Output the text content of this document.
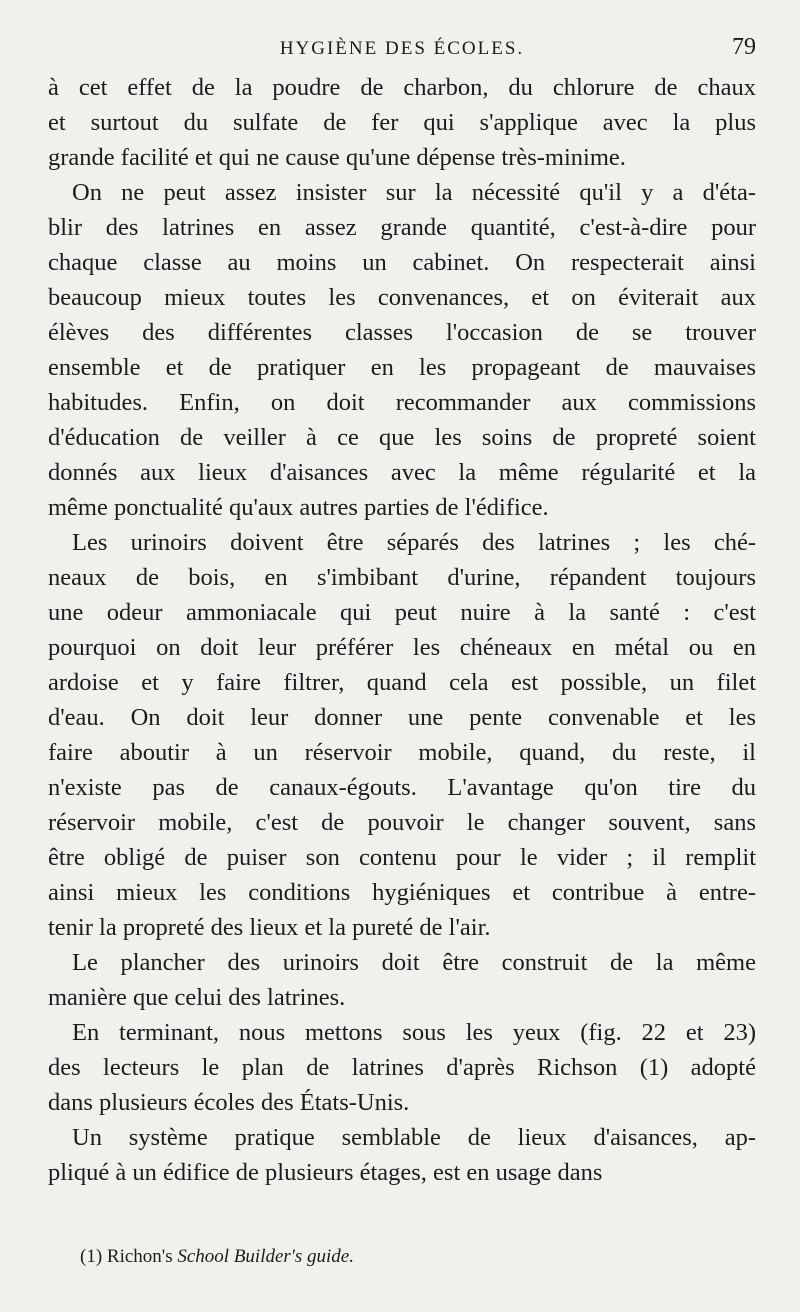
HYGIÈNE DES ÉCOLES.	79
à cet effet de la poudre de charbon, du chlorure de chaux
et surtout du sulfate de fer qui s'applique avec la plus
grande facilité et qui ne cause qu'une dépense très-minime.
On ne peut assez insister sur la nécessité qu'il y a d'éta-
blir des latrines en assez grande quantité, c'est-à-dire pour
chaque classe au moins un cabinet. On respecterait ainsi
beaucoup mieux toutes les convenances, et on éviterait aux
élèves des différentes classes l'occasion de se trouver
ensemble et de pratiquer en les propageant de mauvaises
habitudes. Enfin, on doit recommander aux commissions
d'éducation de veiller à ce que les soins de propreté soient
donnés aux lieux d'aisances avec la même régularité et la
même ponctualité qu'aux autres parties de l'édifice.
Les urinoirs doivent être séparés des latrines ; les ché-
neaux de bois, en s'imbibant d'urine, répandent toujours
une odeur ammoniacale qui peut nuire à la santé : c'est
pourquoi on doit leur préférer les chéneaux en métal ou en
ardoise et y faire filtrer, quand cela est possible, un filet
d'eau. On doit leur donner une pente convenable et les
faire aboutir à un réservoir mobile, quand, du reste, il
n'existe pas de canaux-égouts. L'avantage qu'on tire du
réservoir mobile, c'est de pouvoir le changer souvent, sans
être obligé de puiser son contenu pour le vider ; il remplit
ainsi mieux les conditions hygiéniques et contribue à entre-
tenir la propreté des lieux et la pureté de l'air.
Le plancher des urinoirs doit être construit de la même
manière que celui des latrines.
En terminant, nous mettons sous les yeux (fig. 22 et 23)
des lecteurs le plan de latrines d'après Richson (1) adopté
dans plusieurs écoles des États-Unis.
Un système pratique semblable de lieux d'aisances, ap-
pliqué à un édifice de plusieurs étages, est en usage dans
(1) Richon's School Builder's guide.
